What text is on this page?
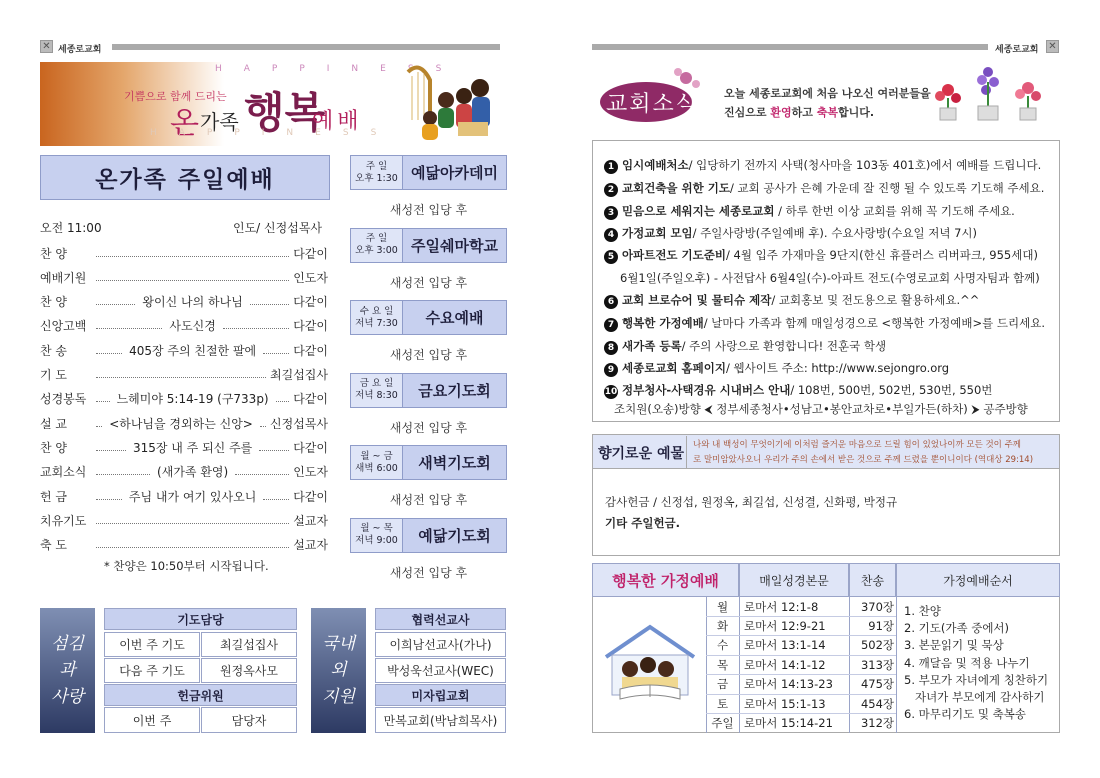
✕ 세종로교회
HAPPINESS
기쁨으로 함께 드리는
온 가족 행복
예배
HAPPINESS
온가족 주일예배
오전 11:00	인도/ 신정섭목사
찬 양	다같이
예배기원	인도자
찬 양	왕이신 나의 하나님	다같이
신앙고백	사도신경	다같이
찬 송	405장 주의 친절한 팔에	다같이
기 도	최길섭집사
성경봉독	느헤미야 5:14-19 (구733p) 다같이
설 교	<하나님을 경외하는 신앙> 신정섭목사
찬 양	315장 내 주 되신 주를	다같이
교회소식	(새가족 환영)	인도자
헌 금	주님 내가 여기 있사오니	다같이
치유기도	설교자
축 도	설교자
* 찬양은 10:50부터 시작됩니다.
주 일
오후 1:30 예닮아카데미
새성전 입당 후
주 일
오후 3:00 주일쉐마학교
새성전 입당 후
수 요 일
저녁 7:30	수요예배
새성전 입당 후
금 요 일
저녁 8:30	금요기도회
새성전 입당 후
월 ~ 금
새벽 6:00	새벽기도회
새성전 입당 후
월 ~ 목
저녁 9:00	예닮기도회
새성전 입당 후
섬김
과
사랑
기도담당
이번 주 기도	최길섭집사
다음 주 기도	원정옥사모
헌금위원
이번 주	담당자
국내
외
지원
협력선교사
이희남선교사(가나)
박성욱선교사(WEC)
미자립교회
만복교회(박남희목사)
세종로교회 ✕
교회소식 오늘 세종로교회에 처음 나오신 여러분들을
진심으로 환영하고 축복합니다.
1 임시예배처소/ 입당하기 전까지 사택(청사마을 103동 401호)에서 예배를 드립니다.
2 교회건축을 위한 기도/ 교회 공사가 은혜 가운데 잘 진행 될 수 있도록 기도해 주세요.
3 믿음으로 세워지는 세종로교회 / 하루 한번 이상 교회를 위해 꼭 기도해 주세요.
4 가정교회 모임/ 주일사랑방(주일예배 후). 수요사랑방(수요일 저녁 7시)
5 아파트전도 기도준비/ 4월 입주 가재마을 9단지(한신 휴플러스 리버파크, 955세대)
6월1일(주일오후) - 사전답사 6월4일(수)-아파트 전도(수영로교회 사명자팀과 함께)
6 교회 브로슈어 및 물티슈 제작/ 교회홍보 및 전도용으로 활용하세요.^^
7 행복한 가정예배/ 날마다 가족과 함께 매일성경으로 <행복한 가정예배>를 드리세요.
8 새가족 등록/ 주의 사랑으로 환영합니다! 전훈국 학생
9 세종로교회 홈페이지/ 웹사이트 주소: http://www.sejongro.org
10 정부청사-사택경유 시내버스 안내/ 108번, 500번, 502번, 530번, 550번
조치원(오송)방향 ⮜ 정부세종청사•성남고•봉안교차로•부일가든(하차) ⮞ 공주방향
향기로운 예물
나와 내 백성이 무엇이기에 이처럼 즐거운 마음으로 드릴 힘이 있었나이까 모든 것이 주께
로 말미암았사오니 우리가 주의 손에서 받은 것으로 주께 드렸을 뿐이니이다 (역대상 29:14)
감사헌금 / 신정섭, 원정옥, 최길섭, 신성결, 신화평, 박정규
기타 주일헌금.
행복한 가정예배	매일성경본문	찬송	가정예배순서
월	로마서 12:1-8	370장
화	로마서 12:9-21	91장
수	로마서 13:1-14	502장
목	로마서 14:1-12	313장
금	로마서 14:13-23	475장
토	로마서 15:1-13	454장
주일 로마서 15:14-21	312장
1. 찬양
2. 기도(가족 중에서)
3. 본문읽기 및 묵상
4. 깨달음 및 적용 나누기
5. 부모가 자녀에게 칭찬하기
자녀가 부모에게 감사하기
6. 마무리기도 및 축복송
